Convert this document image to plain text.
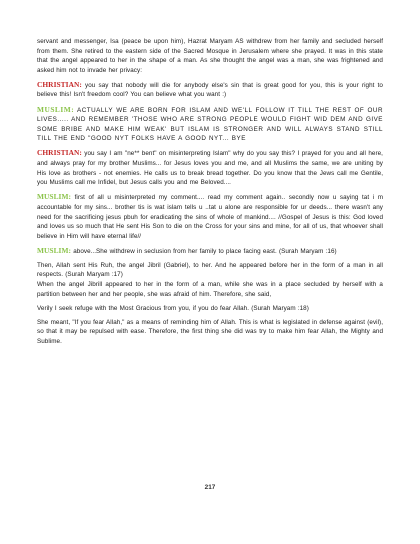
servant and messenger, Isa (peace be upon him), Hazrat Maryam AS withdrew from her family and secluded herself from them. She retired to the eastern side of the Sacred Mosque in Jerusalem where she prayed. It was in this state that the angel appeared to her in the shape of a man. As she thought the angel was a man, she was frightened and asked him not to invade her privacy:

CHRISTIAN: you say that nobody will die for anybody else's sin that is great good for you, this is your right to believe this! Isn't freedom cool? You can believe what you want :)

MUSLIM: ACTUALLY WE ARE BORN FOR ISLAM AND WE'LL FOLLOW IT TILL THE REST OF OUR LIVES..... AND REMEMBER 'THOSE WHO ARE STRONG PEOPLE WOULD FIGHT WID DEM AND GIVE SOME BRIBE AND MAKE HIM WEAK' BUT ISLAM IS STRONGER AND WILL ALWAYS STAND STILL TILL THE END "GOOD NYT FOLKS HAVE A GOOD NYT... BYE

CHRISTIAN: you say I am "ne** bent" on misinterpreting Islam" why do you say this? I prayed for you and all here, and always pray for my brother Muslims... for Jesus loves you and me, and all Muslims the same, we are uniting by His love as brothers - not enemies. He calls us to break bread together. Do you know that the Jews call me Gentile, you Muslims call me Infidel, but Jesus calls you and me Beloved....

MUSLIM: first of all u misinterpreted my comment.... read my comment again.. secondly now u saying tat i m accountable for my sins... brother tis is wat islam tells u ..tat u alone are responsible for ur deeds... there wasn't any need for the sacrificing jesus pbuh for eradicating the sins of whole of mankind.... //Gospel of Jesus is this: God loved and loves us so much that He sent His Son to die on the Cross for your sins and mine, for all of us, that whoever shall believe in Him will have eternal life//

MUSLIM: above...She withdrew in seclusion from her family to place facing east. (Surah Maryam :16)

Then, Allah sent His Ruh, the angel Jibril (Gabriel), to her. And he appeared before her in the form of a man in all respects. (Surah Maryam :17)
When the angel Jibrill appeared to her in the form of a man, while she was in a place secluded by herself with a partition between her and her people, she was afraid of him. Therefore, she said,

Verily I seek refuge with the Most Gracious from you, if you do fear Allah. (Surah Maryam :18)

She meant, "If you fear Allah," as a means of reminding him of Allah. This is what is legislated in defense against (evil), so that it may be repulsed with ease. Therefore, the first thing she did was try to make him fear Allah, the Mighty and Sublime.

217
